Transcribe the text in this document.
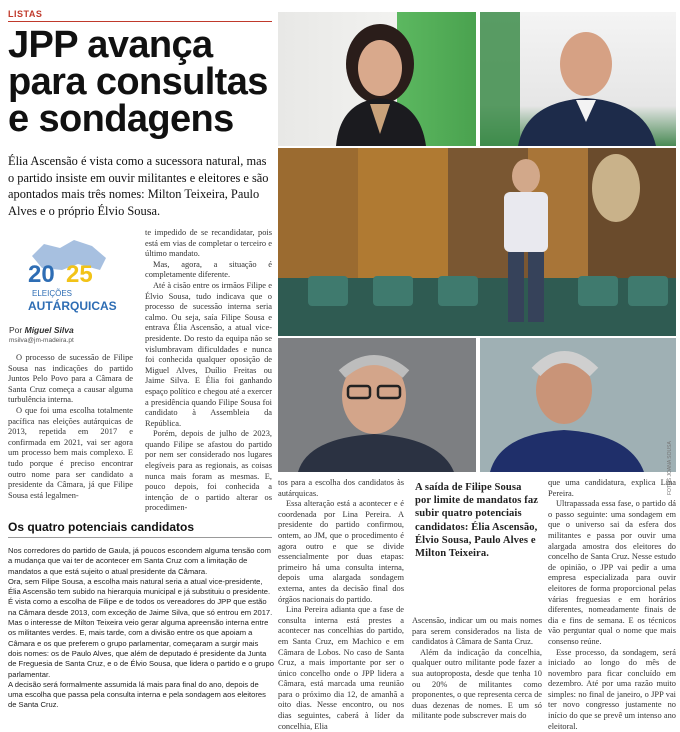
LISTAS
JPP avança
para consultas
e sondagens
Élia Ascensão é vista como a sucessora natural, mas o partido insiste em ouvir militantes e eleitores e são apontados mais três nomes: Milton Teixeira, Paulo Alves e o próprio Élvio Sousa.
20 25
ELEIÇÕES
AUTÁRQUICAS
Por Miguel Silva
msilva@jm-madeira.pt

O processo de sucessão de Filipe Sousa nas indicações do partido Juntos Pelo Povo para a Câmara de Santa Cruz começa a causar alguma turbulência interna.

O que foi uma escolha totalmente pacífica nas eleições autárquicas de 2013, repetida em 2017 e confirmada em 2021, vai ser agora um processo bem mais complexo. E tudo porque é preciso encontrar outro nome para ser candidato a presidente da Câmara, já que Filipe Sousa está legalmen-

te impedido de se recandidatar, pois está em vias de completar o terceiro e último mandato.

Mas, agora, a situação é completamente diferente.

Até à cisão entre os irmãos Filipe e Élvio Sousa, tudo indicava que o processo de sucessão interna seria calmo. Ou seja, saía Filipe Sousa e entrava Élia Ascensão, a atual vice-presidente. Do resto da equipa não se vislumbravam dificuldades e nunca foi conhecida qualquer oposição de Miguel Alves, Duílio Freitas ou Jaime Silva. E Élia foi ganhando espaço político e chegou até a exercer a presidência quando Filipe Sousa foi candidato à Assembleia da República.

Porém, depois de julho de 2023, quando Filipe se afastou do partido por nem ser considerado nos lugares elegíveis para as regionais, as coisas nunca mais foram as mesmas. E, pouco depois, foi conhecida a intenção de o partido alterar os procedimen-

Os quatro potenciais candidatos

Nos corredores do partido de Gaula, já poucos escondem alguma tensão com a mudança que vai ter de acontecer em Santa Cruz com a limitação de mandatos a que está sujeito o atual presidente da Câmara.

Ora, sem Filipe Sousa, a escolha mais natural seria a atual vice-presidente, Élia Ascensão tem subido na hierarquia municipal e já substituiu o presidente. É vista como a escolha de Filipe e de todos os vereadores do JPP que estão na Câmara desde 2013, com exceção de Jaime Silva, que só entrou em 2017.

Mas o interesse de Milton Teixeira veio gerar alguma apreensão interna entre os militantes verdes. E, mais tarde, com a divisão entre os que apoiam a Câmara e os que preferem o grupo parlamentar, começaram a surgir mais dois nomes: os de Paulo Alves, que além de deputado é presidente da Junta de Freguesia de Santa Cruz, e o de Élvio Sousa, que lidera o partido e o grupo parlamentar.

A decisão será formalmente assumida lá mais para final do ano, depois de uma escolha que passa pela consulta interna e pela sondagem aos eleitores de Santa Cruz.

FOTOS JOANA SOUSA

tos para a escolha dos candidatos às autárquicas.

Essa alteração está a acontecer e é coordenada por Lina Pereira. A presidente do partido confirmou, ontem, ao JM, que o procedimento é agora outro e que se divide essencialmente por duas etapas: primeiro há uma consulta interna, depois uma alargada sondagem externa, antes da decisão final dos órgãos nacionais do partido.

Lina Pereira adianta que a fase de consulta interna está prestes a acontecer nas concelhias do partido, em Santa Cruz, em Machico e em Câmara de Lobos. No caso de Santa Cruz, a mais importante por ser o único concelho onde o JPP lidera a Câmara, está marcada uma reunião para o próximo dia 12, de amanhã a oito dias. Nesse encontro, ou nos dias seguintes, caberá à líder da concelhia, Elia

A saída de Filipe Sousa por limite de mandatos faz subir quatro potenciais candidatos: Élia Ascensão, Élvio Sousa, Paulo Alves e Milton Teixeira.

Ascensão, indicar um ou mais nomes para serem considerados na lista de candidatos à Câmara de Santa Cruz.

Além da indicação da concelhia, qualquer outro militante pode fazer a sua autoproposta, desde que tenha 10 ou 20% de militantes como proponentes, o que representa cerca de duas dezenas de nomes. E um só militante pode subscrever mais do

que uma candidatura, explica Lina Pereira.

Ultrapassada essa fase, o partido dá o passo seguinte: uma sondagem em que o universo sai da esfera dos militantes e passa por ouvir uma alargada amostra dos eleitores do concelho de Santa Cruz. Nesse estudo de opinião, o JPP vai pedir a uma empresa especializada para ouvir eleitores de forma proporcional pelas várias freguesias e em horários diferentes, nomeadamente finais de dia e fins de semana. E os técnicos vão perguntar qual o nome que mais consenso reúne.

Esse processo, da sondagem, será iniciado ao longo do mês de novembro para ficar concluído em dezembro. Até por uma razão muito simples: no final de janeiro, o JPP vai ter novo congresso justamente no início do que se prevê um intenso ano eleitoral.
